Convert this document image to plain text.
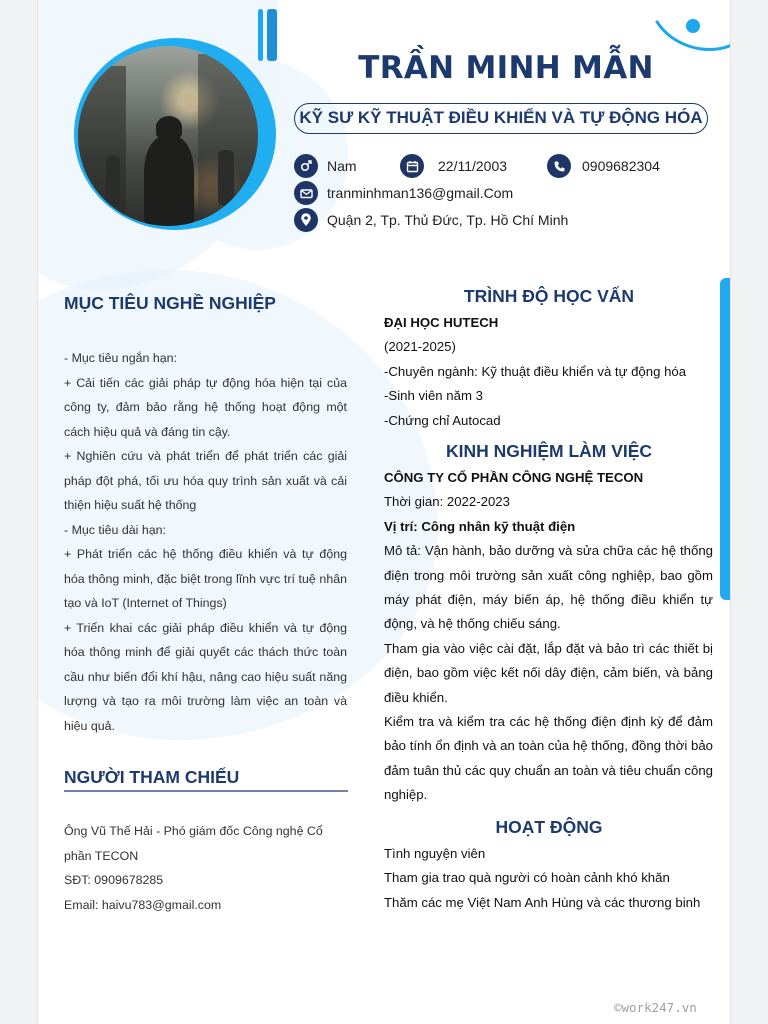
TRẦN MINH MẪN
KỸ SƯ KỸ THUẬT ĐIỀU KHIỂN VÀ TỰ ĐỘNG HÓA
Nam	22/11/2003	0909682304
tranminhman136@gmail.Com
Quận 2, Tp. Thủ Đức, Tp. Hồ Chí Minh
MỤC TIÊU NGHỀ NGHIỆP

- Mục tiêu ngắn hạn:

+ Cải tiến các giải pháp tự động hóa hiện tại của công ty, đảm bảo rằng hệ thống hoạt động một cách hiệu quả và đáng tin cậy.

+ Nghiên cứu và phát triển để phát triển các giải pháp đột phá, tối ưu hóa quy trình sản xuất và cải thiện hiệu suất hệ thống

- Mục tiêu dài hạn:

+ Phát triển các hệ thống điều khiển và tự động hóa thông minh, đặc biệt trong lĩnh vực trí tuệ nhân tạo và IoT (Internet of Things)

+ Triển khai các giải pháp điều khiển và tự động hóa thông minh để giải quyết các thách thức toàn cầu như biến đổi khí hậu, nâng cao hiệu suất năng lượng và tạo ra môi trường làm việc an toàn và hiệu quả.

NGƯỜI THAM CHIẾU

Ông Vũ Thế Hải - Phó giám đốc Công nghệ Cổ phần TECON

SĐT: 0909678285

Email: haivu783@gmail.com

TRÌNH ĐỘ HỌC VẤN

ĐẠI HỌC HUTECH

(2021-2025)

-Chuyên ngành: Kỹ thuật điều khiển và tự động hóa

-Sinh viên năm 3

-Chứng chỉ Autocad

KINH NGHIỆM LÀM VIỆC

CÔNG TY CỔ PHẦN CÔNG NGHỆ TECON

Thời gian: 2022-2023

Vị trí: Công nhân kỹ thuật điện

Mô tả: Vận hành, bảo dưỡng và sửa chữa các hệ thống điện trong môi trường sản xuất công nghiệp, bao gồm máy phát điện, máy biến áp, hệ thống điều khiển tự động, và hệ thống chiếu sáng.

Tham gia vào việc cài đặt, lắp đặt và bảo trì các thiết bị điện, bao gồm việc kết nối dây điện, cảm biến, và bảng điều khiển.

Kiểm tra và kiểm tra các hệ thống điện định kỳ để đảm bảo tính ổn định và an toàn của hệ thống, đồng thời bảo đảm tuân thủ các quy chuẩn an toàn và tiêu chuẩn công nghiệp.

HOẠT ĐỘNG

Tình nguyện viên

Tham gia trao quà người có hoàn cảnh khó khăn

Thăm các mẹ Việt Nam Anh Hùng và các thương binh

©work247.vn
